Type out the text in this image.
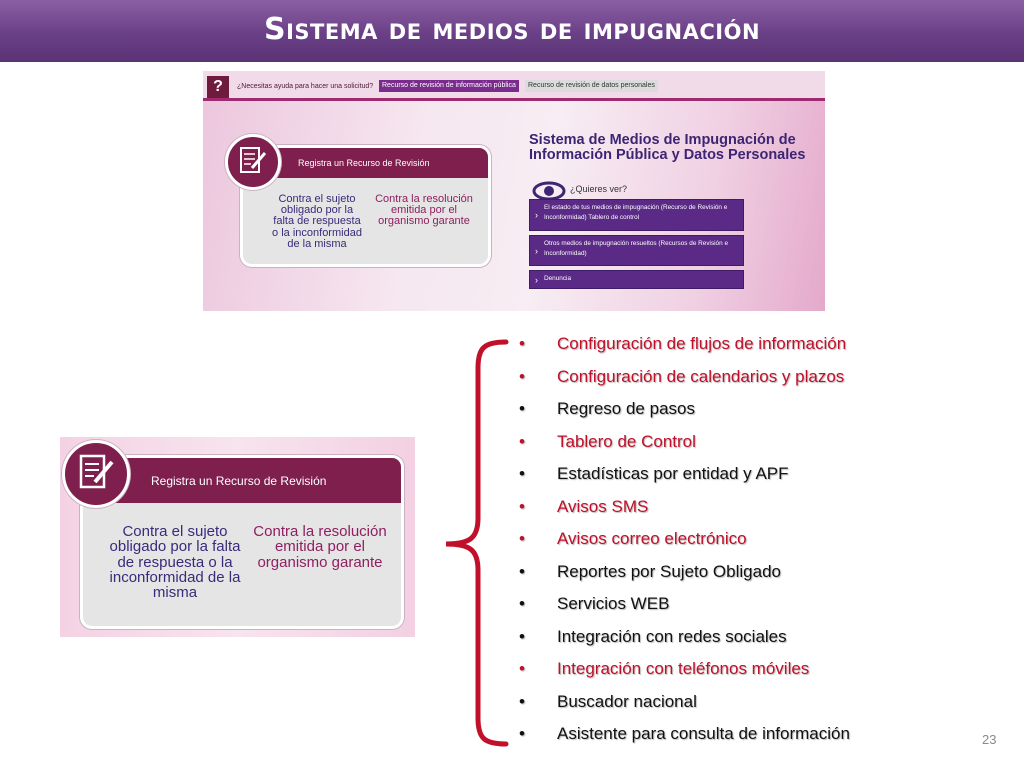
Sistema de medios de impugnación
?	¿Necesitas ayuda para hacer una solicitud?	Recurso de revisión de información pública	Recurso de revisión de datos personales
Registra un Recurso de Revisión
Contra el sujeto obligado por la falta de respuesta o la inconformidad de la misma
Contra la resolución emitida por el organismo garante
Sistema de Medios de Impugnación de Información Pública y Datos Personales
¿Quieres ver?
›
El estado de tus medios de impugnación (Recurso de Revisión e Inconformidad) Tablero de control
›
Otros medios de impugnación resueltos (Recursos de Revisión e Inconformidad)
› Denuncia
Registra un Recurso de Revisión
Contra el sujeto obligado por la falta de respuesta o la inconformidad de la misma
Contra la resolución emitida por el organismo garante
• Configuración de flujos de información
• Configuración de calendarios y plazos
• Regreso de pasos
• Tablero de Control
• Estadísticas por entidad y APF
• Avisos SMS
• Avisos correo electrónico
• Reportes por Sujeto Obligado
• Servicios WEB
• Integración con redes sociales
• Integración con teléfonos móviles
• Buscador nacional
• Asistente para consulta de información	23
